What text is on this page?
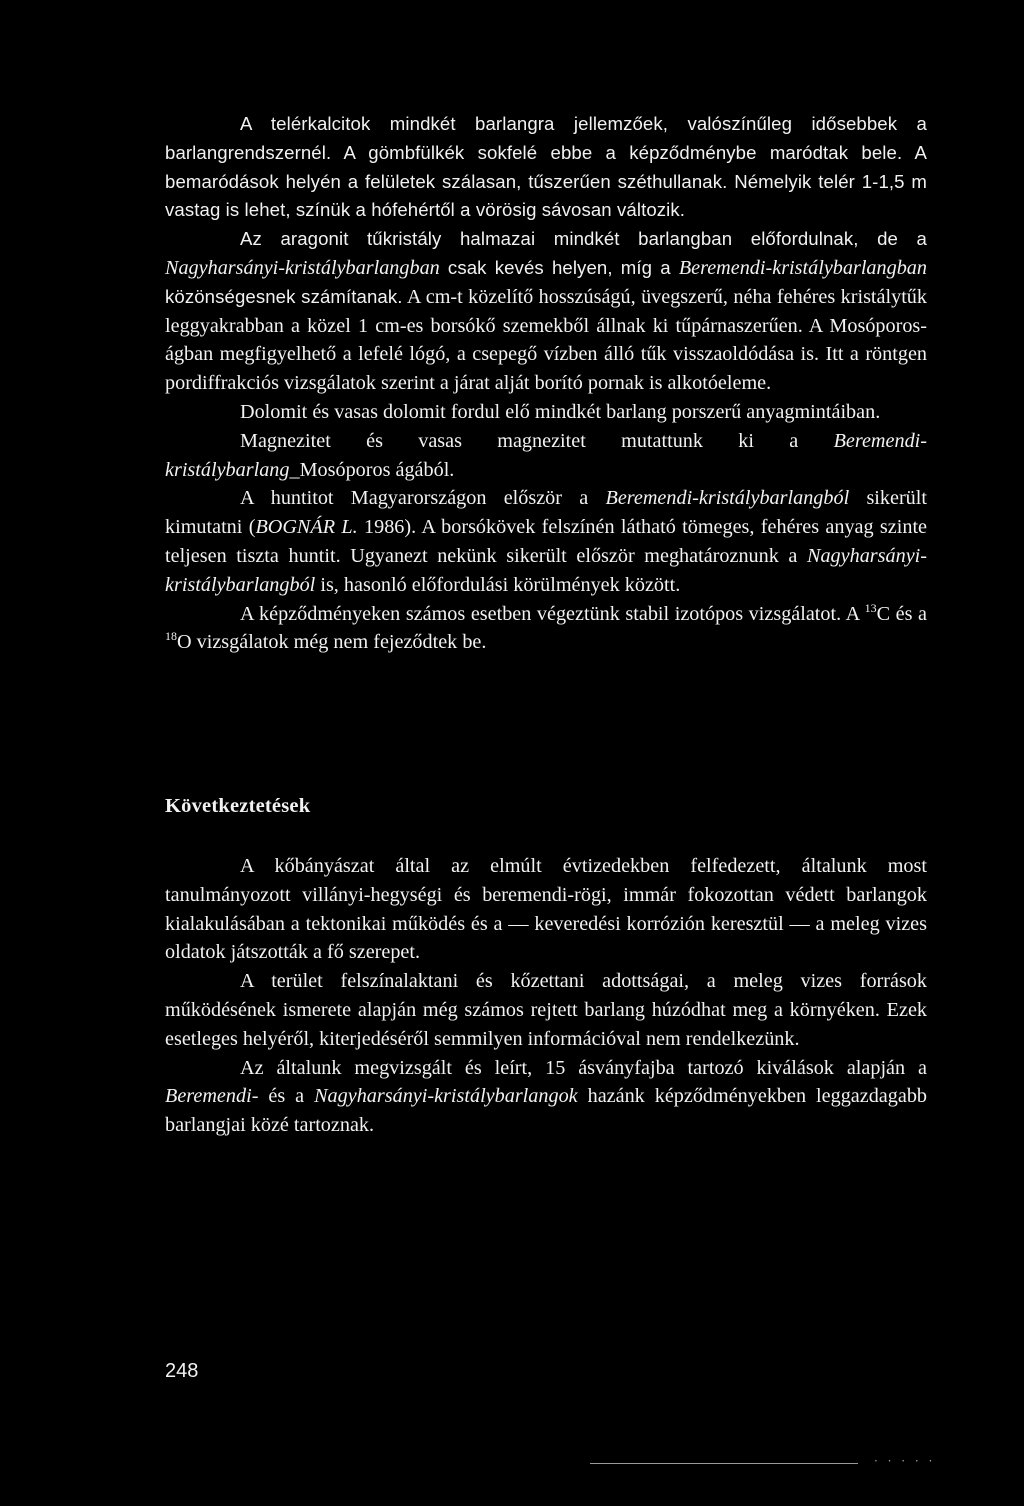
A telérkalcitok mindkét barlangra jellemzőek, valószínűleg idősebbek a barlangrendszernél. A gömbfülkék sokfelé ebbe a képződménybe maródtak bele. A bemaródások helyén a felületek szálasan, tűszerűen széthullanak. Némelyik telér 1-1,5 m vastag is lehet, színük a hófehértől a vörösig sávosan változik.

Az aragonit tűkristály halmazai mindkét barlangban előfordulnak, de a Nagyharsányi-kristálybarlangban csak kevés helyen, míg a Beremendi-kristálybarlangban közönségesnek számítanak. A cm-t közelítő hosszúságú, üvegszerű, néha fehéres kristálytűk leggyakrabban a közel 1 cm-es borsókő szemekből állnak ki tűpárnaszerűen. A Mosóporos-ágban megfigyelhető a lefelé lógó, a csepegő vízben álló tűk visszaoldódása is. Itt a röntgen pordiffrakciós vizsgálatok szerint a járat alját borító pornak is alkotóeleme.

Dolomit és vasas dolomit fordul elő mindkét barlang porszerű anyagmintáiban.

Magnezitet és vasas magnezitet mutattunk ki a Beremendi-kristálybarlang_Mosóporos ágából.

A huntitot Magyarországon először a Beremendi-kristálybarlangból sikerült kimutatni (BOGNÁR L. 1986). A borsókövek felszínén látható tömeges, fehéres anyag szinte teljesen tiszta huntit. Ugyanezt nekünk sikerült először meghatároznunk a Nagyharsányi-kristálybarlangból is, hasonló előfordulási körülmények között.

A képződményeken számos esetben végeztünk stabil izotópos vizsgálatot. A $^{13}$C és a $^{18}$O vizsgálatok még nem fejeződtek be.

Következtetések

A kőbányászat által az elmúlt évtizedekben felfedezett, általunk most tanulmányozott villányi-hegységi és beremendi-rögi, immár fokozottan védett barlangok kialakulásában a tektonikai működés és a — keveredési korrózión keresztül — a meleg vizes oldatok játszották a fő szerepet.

A terület felszínalaktani és kőzettani adottságai, a meleg vizes források működésének ismerete alapján még számos rejtett barlang húzódhat meg a környéken. Ezek esetleges helyéről, kiterjedéséről semmilyen információval nem rendelkezünk.

Az általunk megvizsgált és leírt, 15 ásványfajba tartozó kiválások alapján a Beremendi- és a Nagyharsányi-kristálybarlangok hazánk képződményekben leggazdagabb barlangjai közé tartoznak.

248
· · · · ·
